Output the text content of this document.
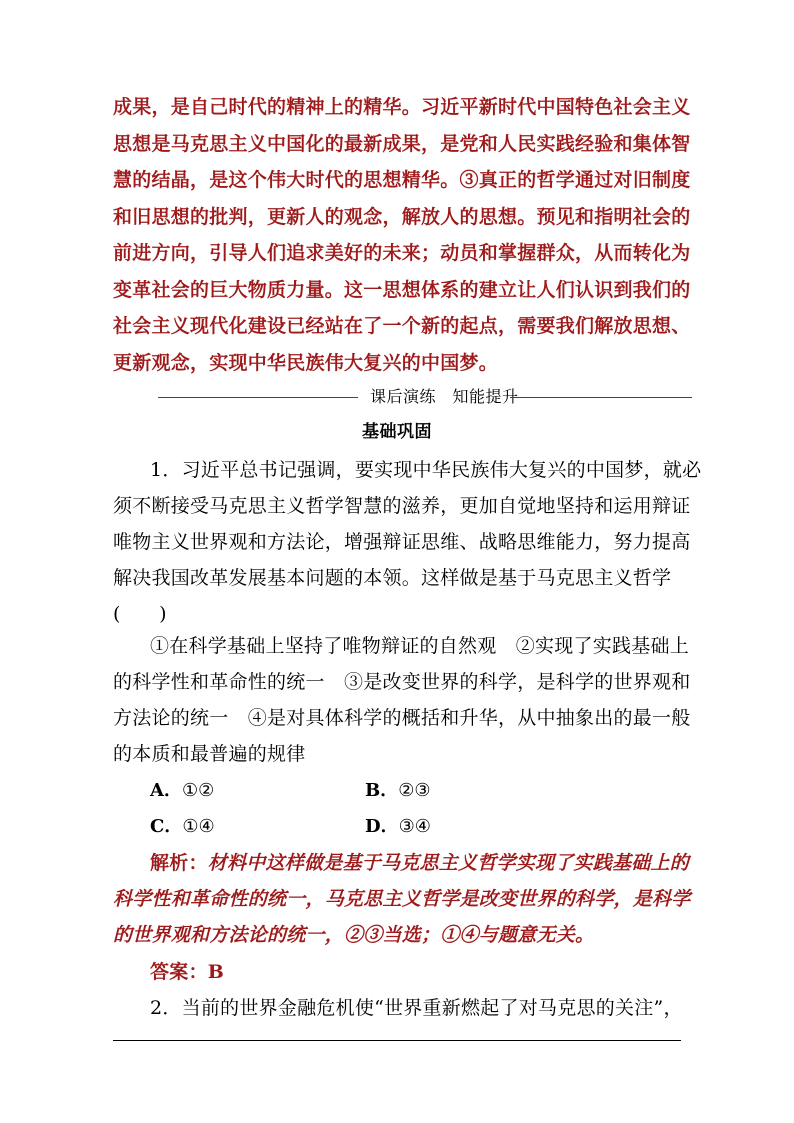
成果，是自己时代的精神上的精华。习近平新时代中国特色社会主义
思想是马克思主义中国化的最新成果，是党和人民实践经验和集体智
慧的结晶，是这个伟大时代的思想精华。③真正的哲学通过对旧制度
和旧思想的批判，更新人的观念，解放人的思想。预见和指明社会的
前进方向，引导人们追求美好的未来；动员和掌握群众，从而转化为
变革社会的巨大物质力量。这一思想体系的建立让人们认识到我们的
社会主义现代化建设已经站在了一个新的起点，需要我们解放思想、
更新观念，实现中华民族伟大复兴的中国梦。
课后演练　知能提升
基础巩固
1．习近平总书记强调，要实现中华民族伟大复兴的中国梦，就必
须不断接受马克思主义哲学智慧的滋养，更加自觉地坚持和运用辩证
唯物主义世界观和方法论，增强辩证思维、战略思维能力，努力提高
解决我国改革发展基本问题的本领。这样做是基于马克思主义哲学
(　　)
①在科学基础上坚持了唯物辩证的自然观　②实现了实践基础上
的科学性和革命性的统一　③是改变世界的科学，是科学的世界观和
方法论的统一　④是对具体科学的概括和升华，从中抽象出的最一般
的本质和最普遍的规律
A．①②	B．②③
C．①④	D．③④
解析：材料中这样做是基于马克思主义哲学实现了实践基础上的
科学性和革命性的统一，马克思主义哲学是改变世界的科学，是科学
的世界观和方法论的统一，②③当选；①④与题意无关。
答案：B
2．当前的世界金融危机使“世界重新燃起了对马克思的关注”，
